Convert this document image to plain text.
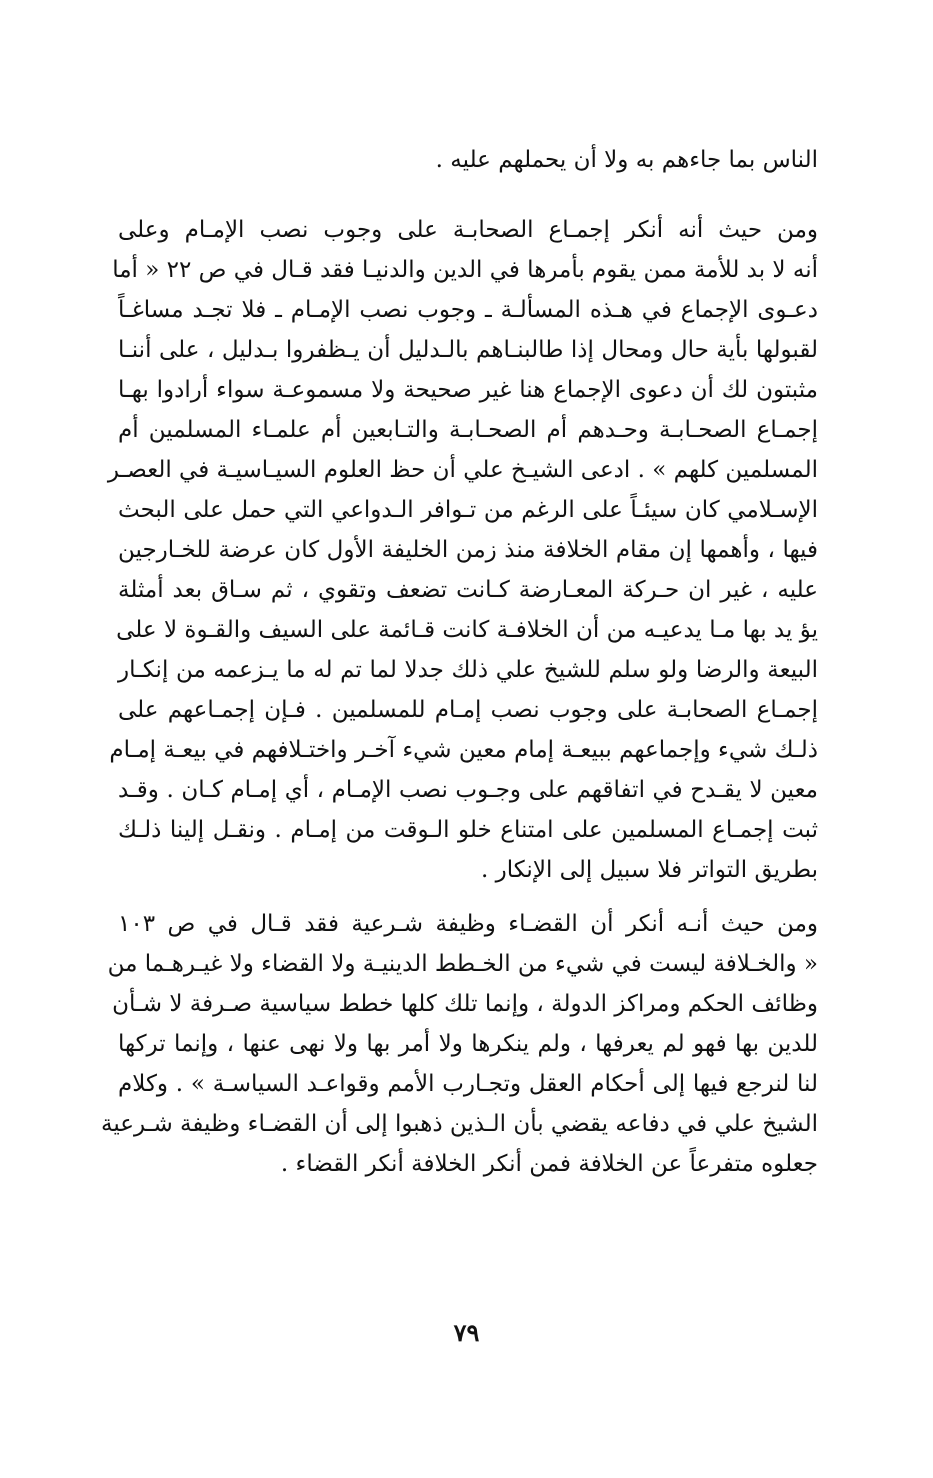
الناس بما جاءهم به ولا أن يحملهم عليه .
ومن حيث أنه أنكر إجمـاع الصحابـة على وجوب نصب الإمـام وعلى
أنه لا بد للأمة ممن يقوم بأمرها في الدين والدنيـا فقد قـال في ص ٢٢ « أما
دعـوى الإجماع في هـذه المسألـة ـ وجوب نصب الإمـام ـ فلا تجـد مساغـاً
لقبولها بأية حال ومحال إذا طالبنـاهم بالـدليل أن يـظفروا بـدليل ، على أننـا
مثبتون لك أن دعوى الإجماع هنا غير صحيحة ولا مسموعـة سواء أرادوا بهـا
إجمـاع الصحـابـة وحـدهم أم الصحـابـة والتـابعين أم علمـاء المسلمين أم
المسلمين كلهم » . ادعى الشيـخ علي أن حظ العلوم السيـاسيـة في العصـر
الإسـلامي كان سيئـاً على الرغم من تـوافر الـدواعي التي حمل على البحث
فيها ، وأهمها إن مقام الخلافة منذ زمن الخليفة الأول كان عرضة للخـارجين
عليه ، غير ان حـركة المعـارضة كـانت تضعف وتقوي ، ثم سـاق بعد أمثلة
يؤ يد بها مـا يدعيـه من أن الخلافـة كانت قـائمة على السيف والقـوة لا على
البيعة والرضا ولو سلم للشيخ علي ذلك جدلا لما تم له ما يـزعمه من إنكـار
إجمـاع الصحابـة على وجوب نصب إمـام للمسلمين . فـإن إجمـاعهم على
ذلـك شيء وإجماعهم ببيعـة إمام معين شيء آخـر واختـلافهم في بيعـة إمـام
معين لا يقـدح في اتفاقهم على وجـوب نصب الإمـام ، أي إمـام كـان . وقـد
ثبت إجمـاع المسلمين على امتناع خلو الـوقت من إمـام . ونقـل إلينا ذلـك
بطريق التواتر فلا سبيل إلى الإنكار .
ومن حيث أنـه أنكر أن القضـاء وظيفة شـرعية فقد قـال في ص ١٠٣
« والخـلافة ليست في شيء من الخـطط الدينيـة ولا القضاء ولا غيـرهـما من
وظائف الحكم ومراكز الدولة ، وإنما تلك كلها خطط سياسية صـرفة لا شـأن
للدين بها فهو لم يعرفها ، ولم ينكرها ولا أمر بها ولا نهى عنها ، وإنما تركها
لنا لنرجع فيها إلى أحكام العقل وتجـارب الأمم وقواعـد السياسـة » . وكلام
الشيخ علي في دفاعه يقضي بأن الـذين ذهبوا إلى أن القضـاء وظيفة شـرعية
جعلوه متفرعاً عن الخلافة فمن أنكر الخلافة أنكر القضاء .
٧٩
